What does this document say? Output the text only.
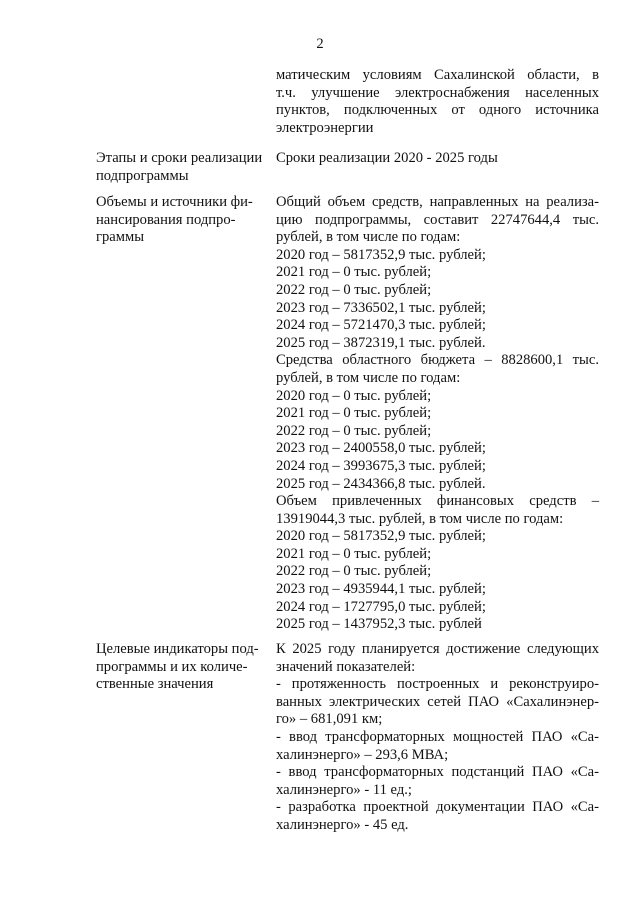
2

матическим условиям Сахалинской области, в

т.ч. улучшение электроснабжения населенных

пунктов, подключенных от одного источника

электроэнергии

Этапы и сроки реализации подпрограммы

Сроки реализации 2020 - 2025 годы

Объемы и источники фи-
нансирования подпро-
граммы

Общий объем средств, направленных на реализа-

цию подпрограммы, составит 22747644,4 тыс.

рублей, в том числе по годам:

2020 год – 5817352,9 тыс. рублей;

2021 год – 0 тыс. рублей;

2022 год – 0 тыс. рублей;

2023 год – 7336502,1 тыс. рублей;

2024 год – 5721470,3 тыс. рублей;

2025 год – 3872319,1 тыс. рублей.

Средства областного бюджета – 8828600,1 тыс.

рублей, в том числе по годам:

2020 год – 0 тыс. рублей;

2021 год – 0 тыс. рублей;

2022 год – 0 тыс. рублей;

2023 год – 2400558,0 тыс. рублей;

2024 год – 3993675,3 тыс. рублей;

2025 год – 2434366,8 тыс. рублей.

Объем привлеченных финансовых средств –

13919044,3 тыс. рублей, в том числе по годам:

2020 год – 5817352,9 тыс. рублей;

2021 год – 0 тыс. рублей;

2022 год – 0 тыс. рублей;

2023 год – 4935944,1 тыс. рублей;

2024 год – 1727795,0 тыс. рублей;

2025 год – 1437952,3 тыс. рублей

Целевые индикаторы под-
программы и их количе-
ственные значения

К 2025 году планируется достижение следующих

значений показателей:

- протяженность построенных и реконструиро-

ванных электрических сетей ПАО «Сахалинэнер-

го» – 681,091 км;

- ввод трансформаторных мощностей ПАО «Са-

халинэнерго» – 293,6 МВА;

- ввод трансформаторных подстанций ПАО «Са-

халинэнерго» - 11 ед.;

- разработка проектной документации ПАО «Са-

халинэнерго» - 45 ед.
